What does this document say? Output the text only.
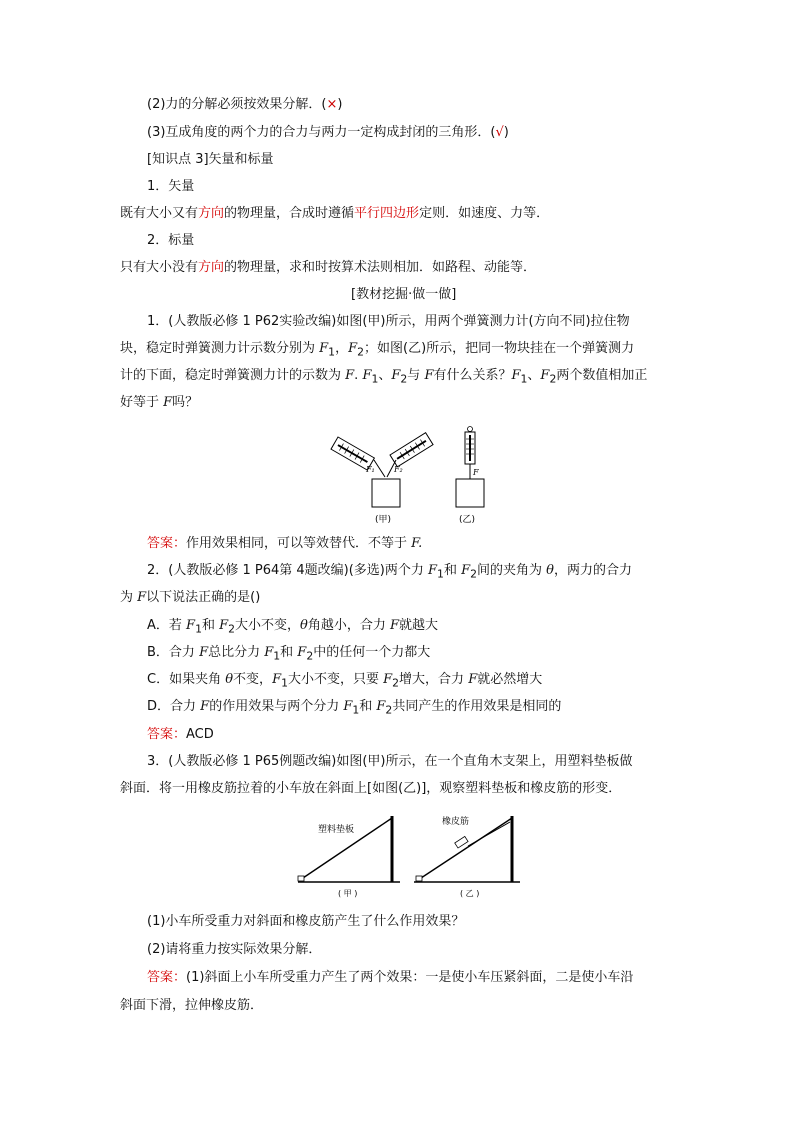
(2)力的分解必须按效果分解．(×)
(3)互成角度的两个力的合力与两力一定构成封闭的三角形．(√)
[知识点 3]矢量和标量
1．矢量
既有大小又有方向的物理量，合成时遵循平行四边形定则．如速度、力等．
2．标量
只有大小没有方向的物理量，求和时按算术法则相加．如路程、动能等．
[教材挖掘·做一做]
1．(人教版必修 1 P62实验改编)如图(甲)所示，用两个弹簧测力计(方向不同)拉住物
块，稳定时弹簧测力计示数分别为 $F_1$，$F_2$；如图(乙)所示，把同一物块挂在一个弹簧测力
计的下面，稳定时弹簧测力计的示数为 F. $F_1$、$F_2$与 F有什么关系？$F_1$、$F_2$两个数值相加正
好等于 F吗？
F₁ F₂
(甲)
F
(乙)
答案：作用效果相同，可以等效替代．不等于 F.
2．(人教版必修 1 P64第 4题改编)(多选)两个力 $F_1$和 $F_2$间的夹角为 θ，两力的合力
为 F以下说法正确的是()
A．若 $F_1$和 $F_2$大小不变，θ角越小，合力 F就越大
B．合力 F总比分力 $F_1$和 $F_2$中的任何一个力都大
C．如果夹角 θ不变，$F_1$大小不变，只要 $F_2$增大，合力 F就必然增大
D．合力 F的作用效果与两个分力 $F_1$和 $F_2$共同产生的作用效果是相同的
答案：ACD
3．(人教版必修 1 P65例题改编)如图(甲)所示，在一个直角木支架上，用塑料垫板做
斜面．将一用橡皮筋拉着的小车放在斜面上[如图(乙)]，观察塑料垫板和橡皮筋的形变．
塑料垫板
( 甲 )
橡皮筋
( 乙 )
(1)小车所受重力对斜面和橡皮筋产生了什么作用效果？
(2)请将重力按实际效果分解．
答案：(1)斜面上小车所受重力产生了两个效果：一是使小车压紧斜面，二是使小车沿
斜面下滑，拉伸橡皮筋．
